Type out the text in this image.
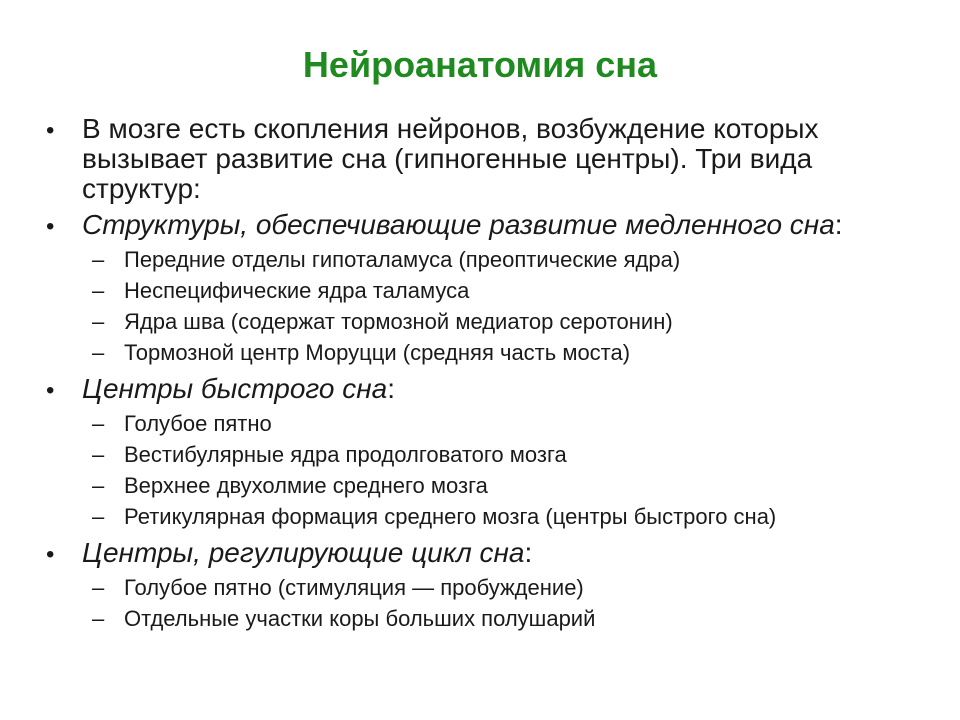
Нейроанатомия сна
• В мозге есть скопления нейронов, возбуждение которых вызывает развитие сна (гипногенные центры). Три вида структур:
• Структуры, обеспечивающие развитие медленного сна:
– Передние отделы гипоталамуса (преоптические ядра)
– Неспецифические ядра таламуса
– Ядра шва (содержат тормозной медиатор серотонин)
– Тормозной центр Моруцци (средняя часть моста)
• Центры быстрого сна:
– Голубое пятно
– Вестибулярные ядра продолговатого мозга
– Верхнее двухолмие среднего мозга
– Ретикулярная формация среднего мозга (центры быстрого сна)
• Центры, регулирующие цикл сна:
– Голубое пятно (стимуляция — пробуждение)
– Отдельные участки коры больших полушарий
